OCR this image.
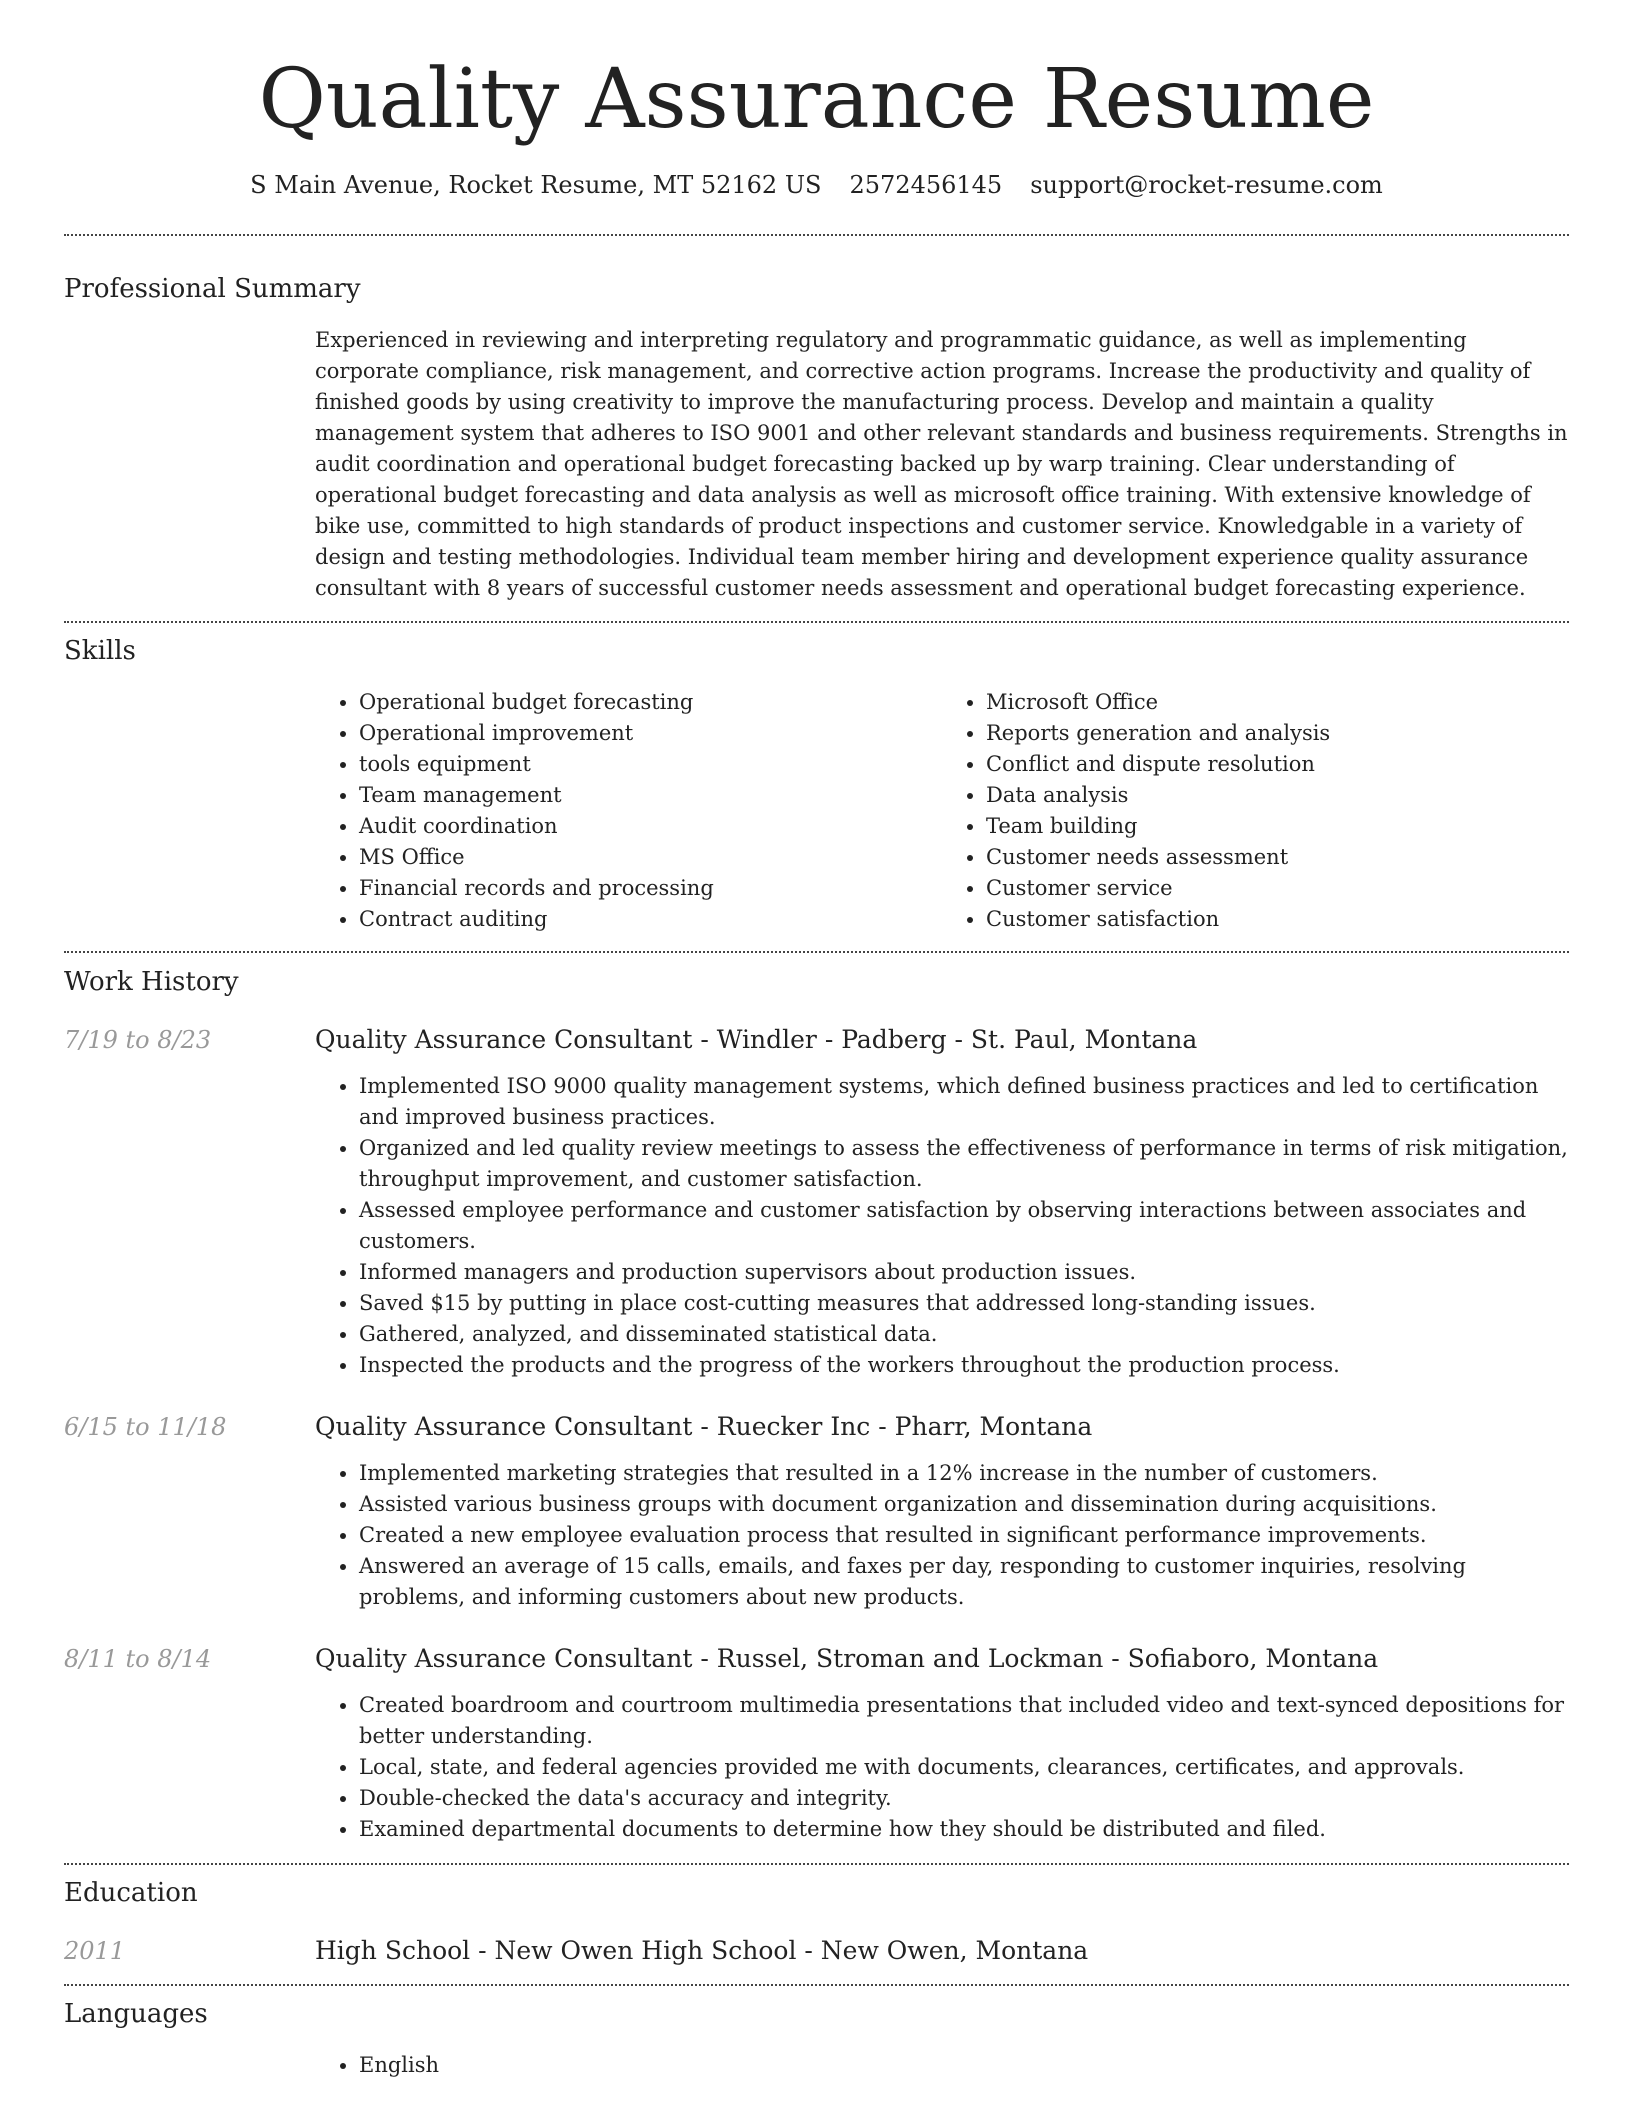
Quality Assurance Resume
S Main Avenue, Rocket Resume, MT 52162 US 2572456145 support@rocket-resume.com
Professional Summary

Experienced in reviewing and interpreting regulatory and programmatic guidance, as well as implementing corporate compliance, risk management, and corrective action programs. Increase the productivity and quality of finished goods by using creativity to improve the manufacturing process. Develop and maintain a quality management system that adheres to ISO 9001 and other relevant standards and business requirements. Strengths in audit coordination and operational budget forecasting backed up by warp training. Clear understanding of operational budget forecasting and data analysis as well as microsoft office training. With extensive knowledge of bike use, committed to high standards of product inspections and customer service. Knowledgable in a variety of design and testing methodologies. Individual team member hiring and development experience quality assurance consultant with 8 years of successful customer needs assessment and operational budget forecasting experience.

Skills
• Operational budget forecasting
• Operational improvement
• tools equipment
• Team management
• Audit coordination
• MS Office
• Financial records and processing
• Contract auditing
• Microsoft Office
• Reports generation and analysis
• Conflict and dispute resolution
• Data analysis
• Team building
• Customer needs assessment
• Customer service
• Customer satisfaction
Work History
7/19 to 8/23	Quality Assurance Consultant - Windler - Padberg - St. Paul, Montana
• Implemented ISO 9000 quality management systems, which defined business practices and led to certification and improved business practices.
• Organized and led quality review meetings to assess the effectiveness of performance in terms of risk mitigation, throughput improvement, and customer satisfaction.
• Assessed employee performance and customer satisfaction by observing interactions between associates and customers.
• Informed managers and production supervisors about production issues.
• Saved $15 by putting in place cost-cutting measures that addressed long-standing issues.
• Gathered, analyzed, and disseminated statistical data.
• Inspected the products and the progress of the workers throughout the production process.
6/15 to 11/18	Quality Assurance Consultant - Ruecker Inc - Pharr, Montana
• Implemented marketing strategies that resulted in a 12% increase in the number of customers.
• Assisted various business groups with document organization and dissemination during acquisitions.
• Created a new employee evaluation process that resulted in significant performance improvements.
• Answered an average of 15 calls, emails, and faxes per day, responding to customer inquiries, resolving problems, and informing customers about new products.
8/11 to 8/14	Quality Assurance Consultant - Russel, Stroman and Lockman - Sofiaboro, Montana
• Created boardroom and courtroom multimedia presentations that included video and text-synced depositions for better understanding.
• Local, state, and federal agencies provided me with documents, clearances, certificates, and approvals.
• Double-checked the data's accuracy and integrity.
• Examined departmental documents to determine how they should be distributed and filed.
Education
2011	High School - New Owen High School - New Owen, Montana
Languages
• English
